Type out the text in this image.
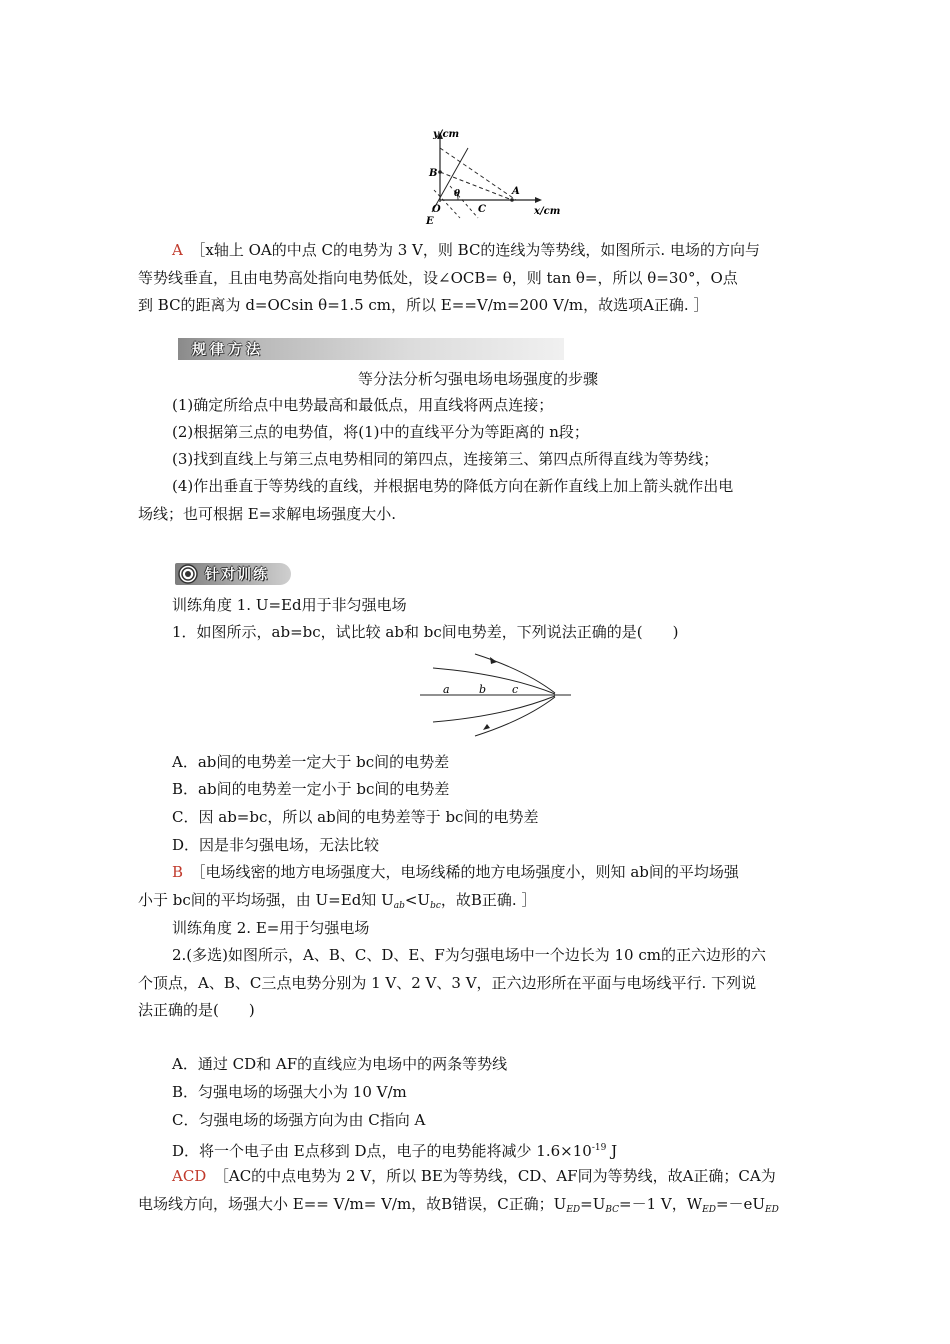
y/cm
x/cm
B
O
E
C
A
θ
A　 ［x轴上 OA的中点 C的电势为 3 V，则 BC的连线为等势线，如图所示. 电场的方向与
等势线垂直，且由电势高处指向电势低处，设∠OCB= θ，则 tan θ=，所以 θ=30°，O点
到 BC的距离为 d=OCsin θ=1.5 cm，所以 E==V/m=200 V/m，故选项A正确. ］
规律方法
等分法分析匀强电场电场强度的步骤
(1)确定所给点中电势最高和最低点，用直线将两点连接；
(2)根据第三点的电势值，将(1)中的直线平分为等距离的 n段；
(3)找到直线上与第三点电势相同的第四点，连接第三、第四点所得直线为等势线；
(4)作出垂直于等势线的直线，并根据电势的降低方向在新作直线上加上箭头就作出电
场线；也可根据 E=求解电场强度大小.
针对训练
训练角度 1. U=Ed用于非匀强电场
1．如图所示，ab=bc，试比较 ab和 bc间电势差，下列说法正确的是(　　)
a	b c
A．ab间的电势差一定大于 bc间的电势差
B．ab间的电势差一定小于 bc间的电势差
C．因 ab=bc，所以 ab间的电势差等于 bc间的电势差
D．因是非匀强电场，无法比较
B　 ［电场线密的地方电场强度大，电场线稀的地方电场强度小，则知 ab间的平均场强
小于 bc间的平均场强，由 U=Ed知 $U_{ab}<U_{bc}$，故B正确. ］
训练角度 2. E=用于匀强电场
2.(多选)如图所示，A、B、C、D、E、F为匀强电场中一个边长为 10 cm的正六边形的六
个顶点，A、B、C三点电势分别为 1 V、2 V、3 V，正六边形所在平面与电场线平行. 下列说
法正确的是(　　)
A．通过 CD和 AF的直线应为电场中的两条等势线
B．匀强电场的场强大小为 10 V/m
C．匀强电场的场强方向为由 C指向 A
D．将一个电子由 E点移到 D点，电子的电势能将减少 $1.6\times 10^{-19}$ J
ACD　 ［AC的中点电势为 2 V，所以 BE为等势线，CD、AF同为等势线，故A正确；CA为
电场线方向，场强大小 E== V/m= V/m，故B错误，C正确；$U_{ED}=U_{BC}=-1$ V，$W_{ED}=-eU_{ED}$
